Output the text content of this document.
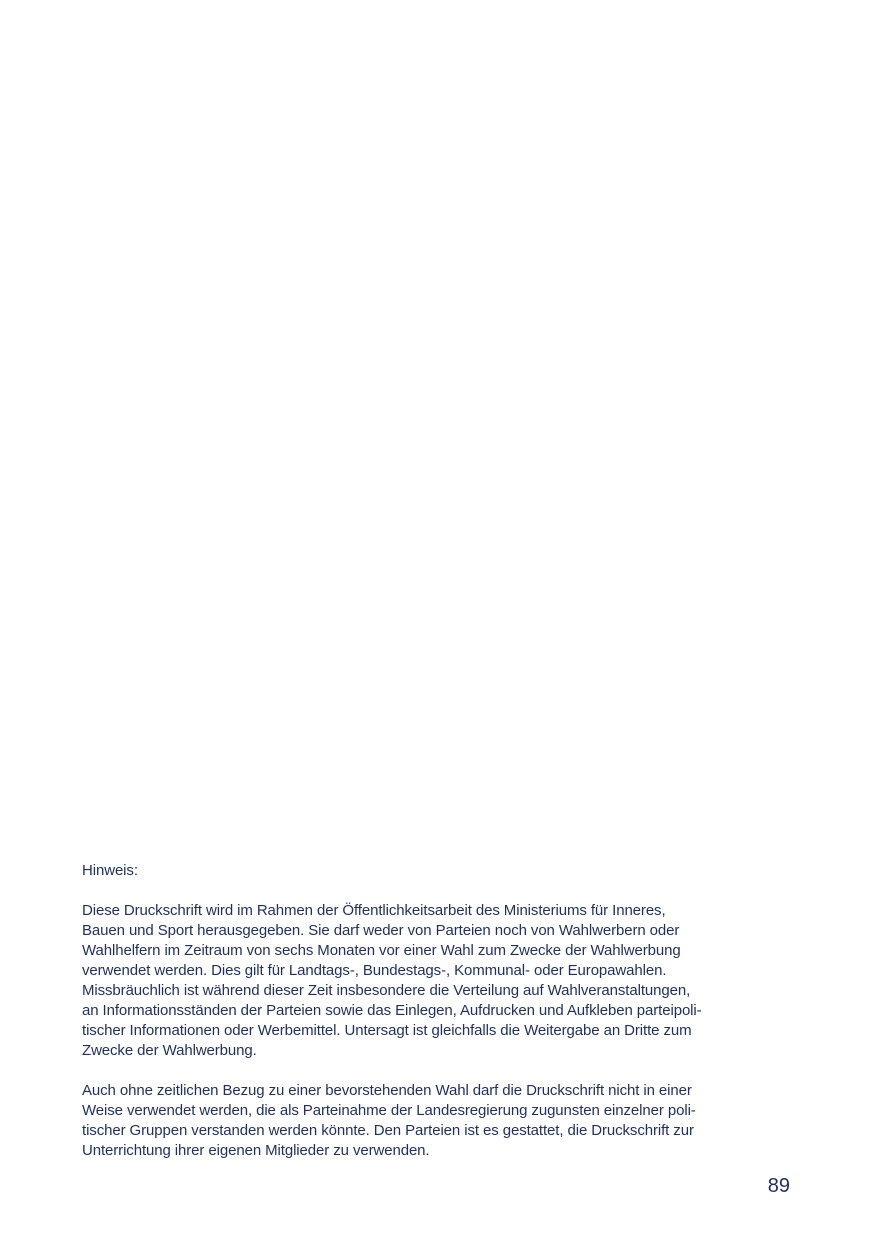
Hinweis:
Diese Druckschrift wird im Rahmen der Öffentlichkeitsarbeit des Ministeriums für Inneres,
Bauen und Sport herausgegeben. Sie darf weder von Parteien noch von Wahlwerbern oder
Wahlhelfern im Zeitraum von sechs Monaten vor einer Wahl zum Zwecke der Wahlwerbung
verwendet werden. Dies gilt für Landtags-, Bundestags-, Kommunal- oder Europawahlen.
Missbräuchlich ist während dieser Zeit insbesondere die Verteilung auf Wahlveranstaltungen,
an Informationsständen der Parteien sowie das Einlegen, Aufdrucken und Aufkleben parteipoli-
tischer Informationen oder Werbemittel. Untersagt ist gleichfalls die Weitergabe an Dritte zum
Zwecke der Wahlwerbung.
Auch ohne zeitlichen Bezug zu einer bevorstehenden Wahl darf die Druckschrift nicht in einer
Weise verwendet werden, die als Parteinahme der Landesregierung zugunsten einzelner poli-
tischer Gruppen verstanden werden könnte. Den Parteien ist es gestattet, die Druckschrift zur
Unterrichtung ihrer eigenen Mitglieder zu verwenden.
89
